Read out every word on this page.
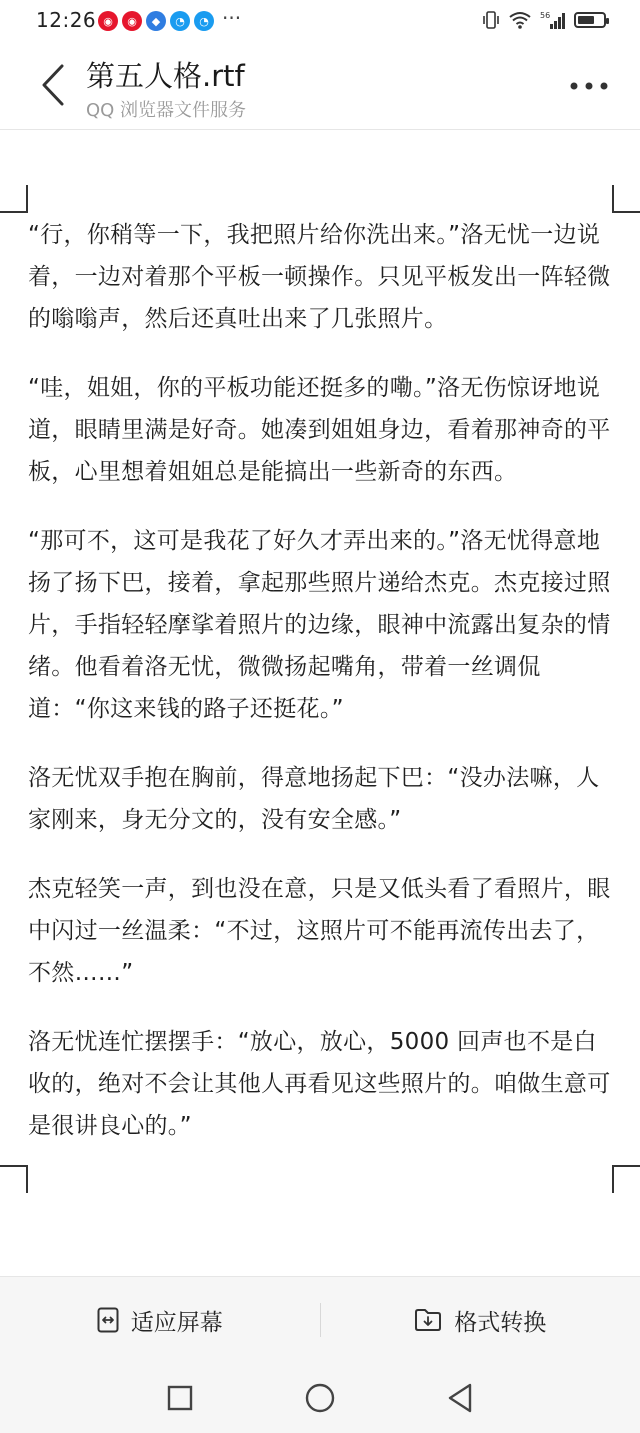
12:26 ◉	◉	◆	◔	◔ ···	56
第五人格.rtf
QQ 浏览器文件服务

“行，你稍等一下，我把照片给你洗出来。”洛无忧一边说着，一边对着那个平板一顿操作。只见平板发出一阵轻微的嗡嗡声，然后还真吐出来了几张照片。

“哇，姐姐，你的平板功能还挺多的嘞。”洛无伤惊讶地说道，眼睛里满是好奇。她凑到姐姐身边，看着那神奇的平板，心里想着姐姐总是能搞出一些新奇的东西。

“那可不，这可是我花了好久才弄出来的。”洛无忧得意地扬了扬下巴，接着，拿起那些照片递给杰克。杰克接过照片，手指轻轻摩挲着照片的边缘，眼神中流露出复杂的情绪。他看着洛无忧，微微扬起嘴角，带着一丝调侃道：“你这来钱的路子还挺花。”

洛无忧双手抱在胸前，得意地扬起下巴：“没办法嘛，人家刚来，身无分文的，没有安全感。”

杰克轻笑一声，到也没在意，只是又低头看了看照片，眼中闪过一丝温柔：“不过，这照片可不能再流传出去了，不然……”

洛无忧连忙摆摆手：“放心，放心，5000 回声也不是白收的，绝对不会让其他人再看见这些照片的。咱做生意可是很讲良心的。”

适应屏幕	格式转换
